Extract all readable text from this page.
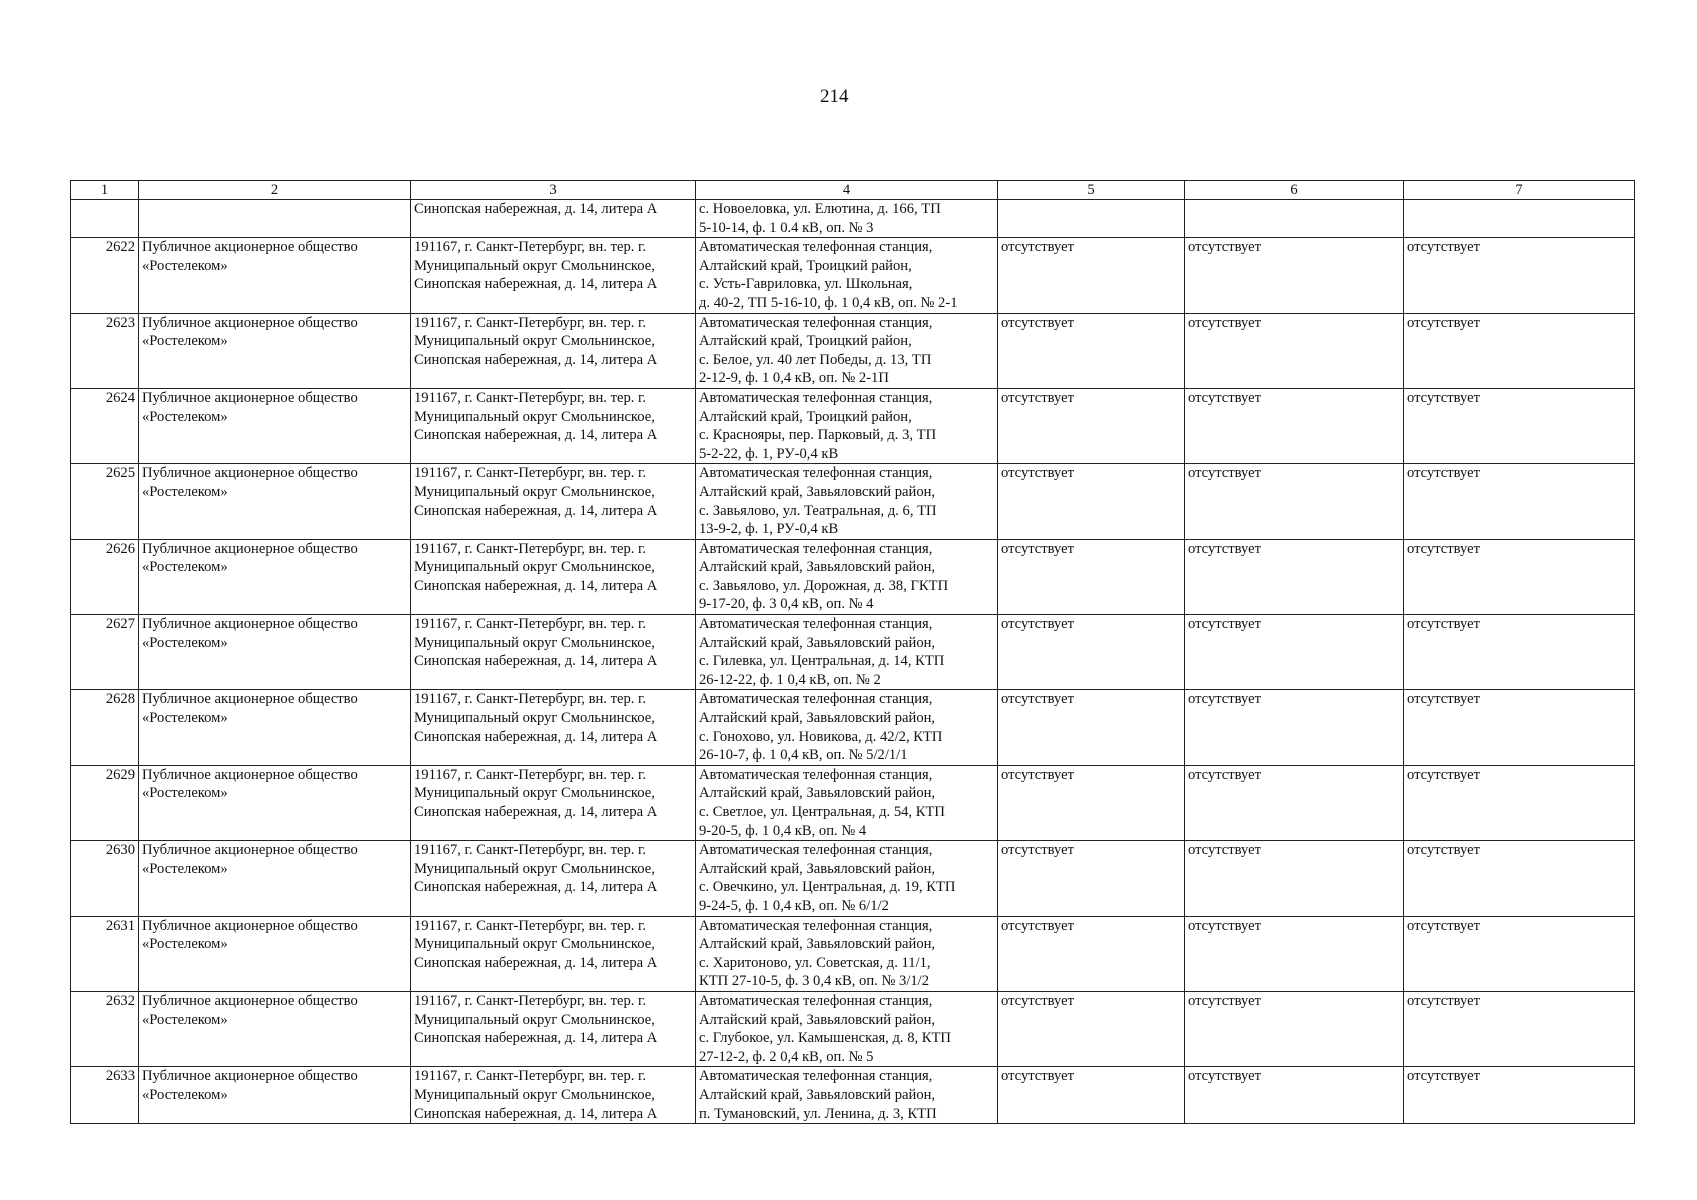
214
1	2	3	4	5	6	7
		Синопская набережная, д. 14, литера А	с. Новоеловка, ул. Елютина, д. 166, ТП
5-10-14, ф. 1 0.4 кВ, оп. № 3			
2622	Публичное акционерное общество
«Ростелеком»	191167, г. Санкт-Петербург, вн. тер. г.
Муниципальный округ Смольнинское,
Синопская набережная, д. 14, литера А	Автоматическая телефонная станция,
Алтайский край, Троицкий район,
с. Усть-Гавриловка, ул. Школьная,
д. 40-2, ТП 5-16-10, ф. 1 0,4 кВ, оп. № 2-1	отсутствует	отсутствует	отсутствует
2623	Публичное акционерное общество
«Ростелеком»	191167, г. Санкт-Петербург, вн. тер. г.
Муниципальный округ Смольнинское,
Синопская набережная, д. 14, литера А	Автоматическая телефонная станция,
Алтайский край, Троицкий район,
с. Белое, ул. 40 лет Победы, д. 13, ТП
2-12-9, ф. 1 0,4 кВ, оп. № 2-1П	отсутствует	отсутствует	отсутствует
2624	Публичное акционерное общество
«Ростелеком»	191167, г. Санкт-Петербург, вн. тер. г.
Муниципальный округ Смольнинское,
Синопская набережная, д. 14, литера А	Автоматическая телефонная станция,
Алтайский край, Троицкий район,
с. Краснояры, пер. Парковый, д. 3, ТП
5-2-22, ф. 1, РУ-0,4 кВ	отсутствует	отсутствует	отсутствует
2625	Публичное акционерное общество
«Ростелеком»	191167, г. Санкт-Петербург, вн. тер. г.
Муниципальный округ Смольнинское,
Синопская набережная, д. 14, литера А	Автоматическая телефонная станция,
Алтайский край, Завьяловский район,
с. Завьялово, ул. Театральная, д. 6, ТП
13-9-2, ф. 1, РУ-0,4 кВ	отсутствует	отсутствует	отсутствует
2626	Публичное акционерное общество
«Ростелеком»	191167, г. Санкт-Петербург, вн. тер. г.
Муниципальный округ Смольнинское,
Синопская набережная, д. 14, литера А	Автоматическая телефонная станция,
Алтайский край, Завьяловский район,
с. Завьялово, ул. Дорожная, д. 38, ГКТП
9-17-20, ф. 3 0,4 кВ, оп. № 4	отсутствует	отсутствует	отсутствует
2627	Публичное акционерное общество
«Ростелеком»	191167, г. Санкт-Петербург, вн. тер. г.
Муниципальный округ Смольнинское,
Синопская набережная, д. 14, литера А	Автоматическая телефонная станция,
Алтайский край, Завьяловский район,
с. Гилевка, ул. Центральная, д. 14, КТП
26-12-22, ф. 1 0,4 кВ, оп. № 2	отсутствует	отсутствует	отсутствует
2628	Публичное акционерное общество
«Ростелеком»	191167, г. Санкт-Петербург, вн. тер. г.
Муниципальный округ Смольнинское,
Синопская набережная, д. 14, литера А	Автоматическая телефонная станция,
Алтайский край, Завьяловский район,
с. Гонохово, ул. Новикова, д. 42/2, КТП
26-10-7, ф. 1 0,4 кВ, оп. № 5/2/1/1	отсутствует	отсутствует	отсутствует
2629	Публичное акционерное общество
«Ростелеком»	191167, г. Санкт-Петербург, вн. тер. г.
Муниципальный округ Смольнинское,
Синопская набережная, д. 14, литера А	Автоматическая телефонная станция,
Алтайский край, Завьяловский район,
с. Светлое, ул. Центральная, д. 54, КТП
9-20-5, ф. 1 0,4 кВ, оп. № 4	отсутствует	отсутствует	отсутствует
2630	Публичное акционерное общество
«Ростелеком»	191167, г. Санкт-Петербург, вн. тер. г.
Муниципальный округ Смольнинское,
Синопская набережная, д. 14, литера А	Автоматическая телефонная станция,
Алтайский край, Завьяловский район,
с. Овечкино, ул. Центральная, д. 19, КТП
9-24-5, ф. 1 0,4 кВ, оп. № 6/1/2	отсутствует	отсутствует	отсутствует
2631	Публичное акционерное общество
«Ростелеком»	191167, г. Санкт-Петербург, вн. тер. г.
Муниципальный округ Смольнинское,
Синопская набережная, д. 14, литера А	Автоматическая телефонная станция,
Алтайский край, Завьяловский район,
с. Харитоново, ул. Советская, д. 11/1,
КТП 27-10-5, ф. 3 0,4 кВ, оп. № 3/1/2	отсутствует	отсутствует	отсутствует
2632	Публичное акционерное общество
«Ростелеком»	191167, г. Санкт-Петербург, вн. тер. г.
Муниципальный округ Смольнинское,
Синопская набережная, д. 14, литера А	Автоматическая телефонная станция,
Алтайский край, Завьяловский район,
с. Глубокое, ул. Камышенская, д. 8, КТП
27-12-2, ф. 2 0,4 кВ, оп. № 5	отсутствует	отсутствует	отсутствует
2633	Публичное акционерное общество
«Ростелеком»	191167, г. Санкт-Петербург, вн. тер. г.
Муниципальный округ Смольнинское,
Синопская набережная, д. 14, литера А	Автоматическая телефонная станция,
Алтайский край, Завьяловский район,
п. Тумановский, ул. Ленина, д. 3, КТП	отсутствует	отсутствует	отсутствует
